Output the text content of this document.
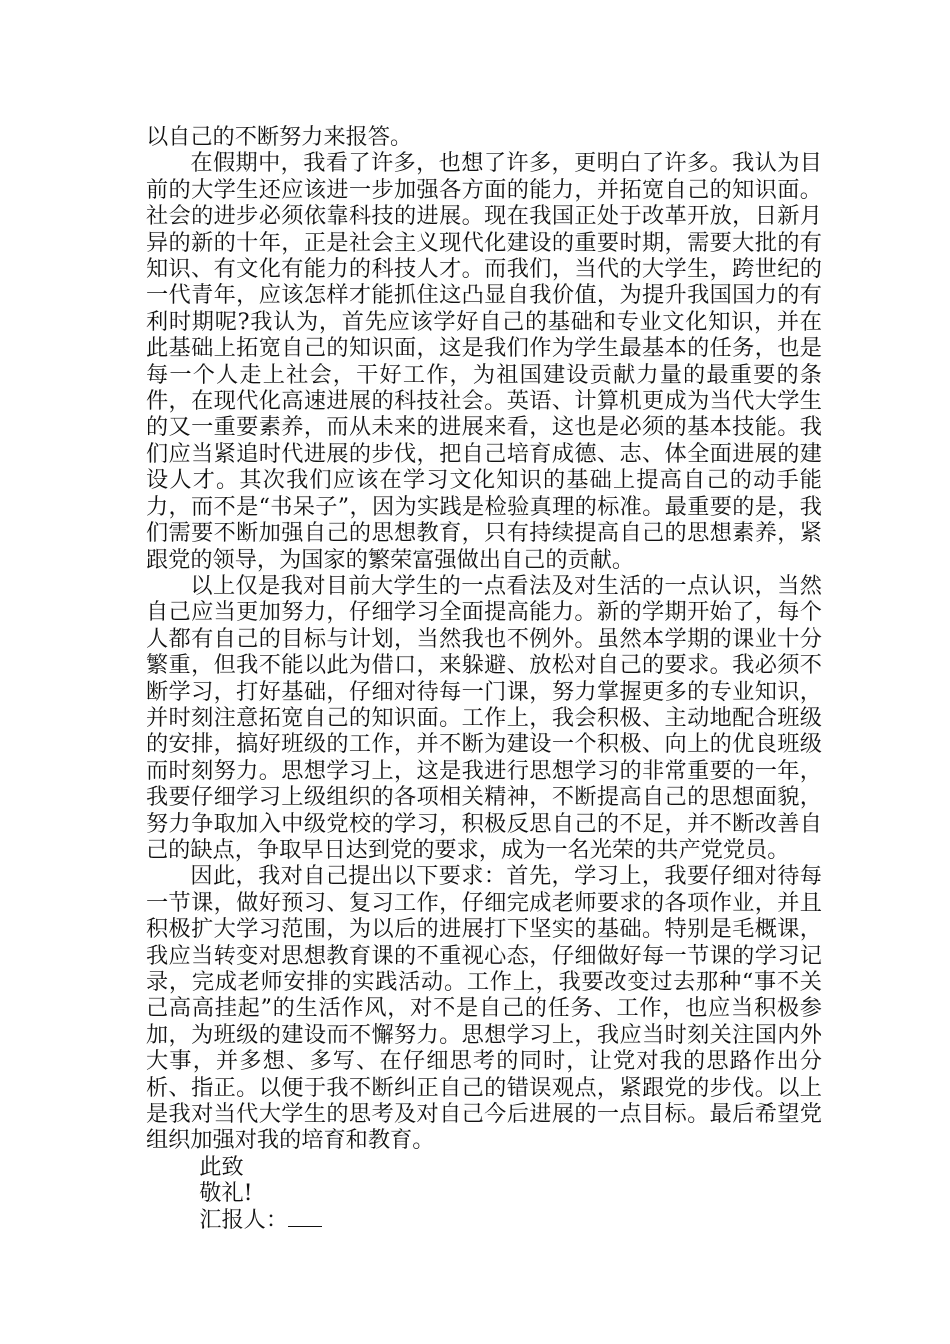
以自己的不断努力来报答。

在假期中，我看了许多，也想了许多，更明白了许多。我认为目前的大学生还应该进一步加强各方面的能力，并拓宽自己的知识面。社会的进步必须依靠科技的进展。现在我国正处于改革开放，日新月异的新的十年，正是社会主义现代化建设的重要时期，需要大批的有知识、有文化有能力的科技人才。而我们，当代的大学生，跨世纪的一代青年，应该怎样才能抓住这凸显自我价值，为提升我国国力的有利时期呢?我认为，首先应该学好自己的基础和专业文化知识，并在此基础上拓宽自己的知识面，这是我们作为学生最基本的任务，也是每一个人走上社会，干好工作，为祖国建设贡献力量的最重要的条件，在现代化高速进展的科技社会。英语、计算机更成为当代大学生的又一重要素养，而从未来的进展来看，这也是必须的基本技能。我们应当紧追时代进展的步伐，把自己培育成德、志、体全面进展的建设人才。其次我们应该在学习文化知识的基础上提高自己的动手能力，而不是“书呆子”，因为实践是检验真理的标准。最重要的是，我们需要不断加强自己的思想教育，只有持续提高自己的思想素养，紧跟党的领导，为国家的繁荣富强做出自己的贡献。

以上仅是我对目前大学生的一点看法及对生活的一点认识，当然自己应当更加努力，仔细学习全面提高能力。新的学期开始了，每个人都有自己的目标与计划，当然我也不例外。虽然本学期的课业十分繁重，但我不能以此为借口，来躲避、放松对自己的要求。我必须不断学习，打好基础，仔细对待每一门课，努力掌握更多的专业知识，并时刻注意拓宽自己的知识面。工作上，我会积极、主动地配合班级的安排，搞好班级的工作，并不断为建设一个积极、向上的优良班级而时刻努力。思想学习上，这是我进行思想学习的非常重要的一年，我要仔细学习上级组织的各项相关精神，不断提高自己的思想面貌，努力争取加入中级党校的学习，积极反思自己的不足，并不断改善自己的缺点，争取早日达到党的要求，成为一名光荣的共产党党员。

因此，我对自己提出以下要求：首先，学习上，我要仔细对待每一节课，做好预习、复习工作，仔细完成老师要求的各项作业，并且积极扩大学习范围，为以后的进展打下坚实的基础。特别是毛概课，我应当转变对思想教育课的不重视心态，仔细做好每一节课的学习记录，完成老师安排的实践活动。工作上，我要改变过去那种“事不关己高高挂起”的生活作风，对不是自己的任务、工作，也应当积极参加，为班级的建设而不懈努力。思想学习上，我应当时刻关注国内外大事，并多想、多写、在仔细思考的同时，让党对我的思路作出分析、指正。以便于我不断纠正自己的错误观点，紧跟党的步伐。以上是我对当代大学生的思考及对自己今后进展的一点目标。最后希望党组织加强对我的培育和教育。

此致

敬礼!

汇报人：
